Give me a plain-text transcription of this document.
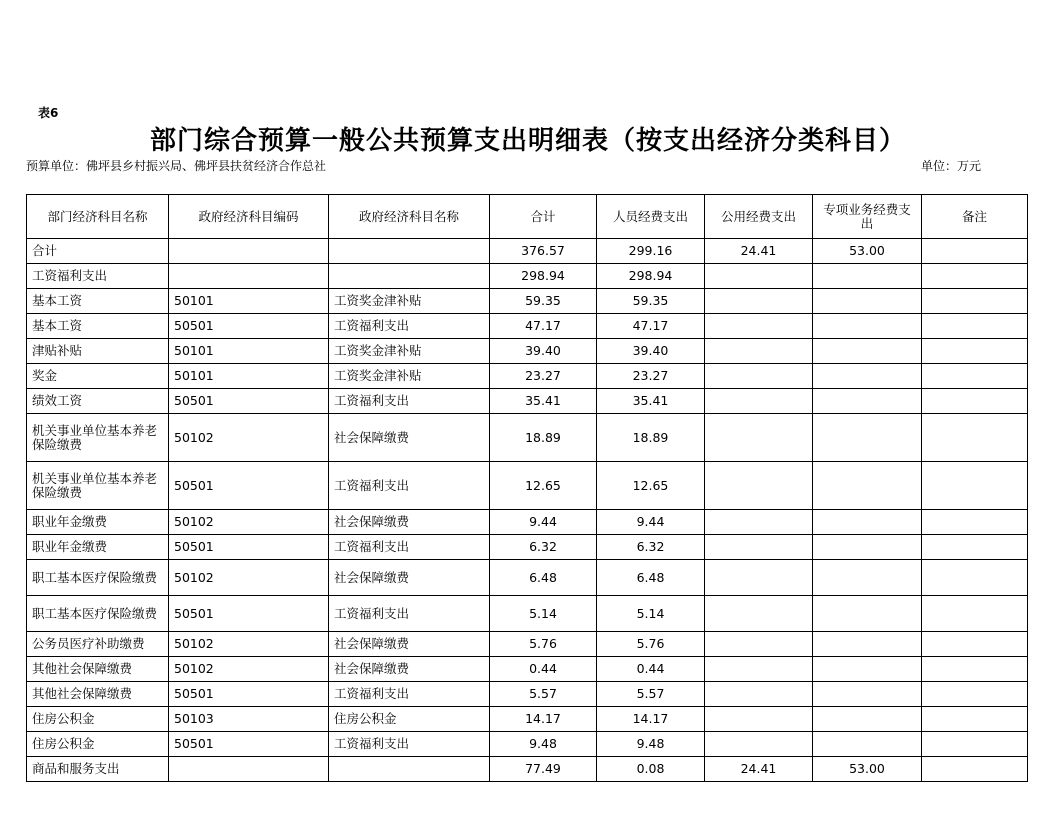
表6
部门综合预算一般公共预算支出明细表（按支出经济分类科目）
预算单位：佛坪县乡村振兴局、佛坪县扶贫经济合作总社	单位：万元
部门经济科目名称	政府经济科目编码	政府经济科目名称	合计	人员经费支出	公用经费支出	专项业务经费支出	备注
合计			376.57	299.16	24.41	53.00	
工资福利支出			298.94	298.94			
基本工资	50101	工资奖金津补贴	59.35	59.35			
基本工资	50501	工资福利支出	47.17	47.17			
津贴补贴	50101	工资奖金津补贴	39.40	39.40			
奖金	50101	工资奖金津补贴	23.27	23.27			
绩效工资	50501	工资福利支出	35.41	35.41			
机关事业单位基本养老保险缴费	50102	社会保障缴费	18.89	18.89			
机关事业单位基本养老保险缴费	50501	工资福利支出	12.65	12.65			
职业年金缴费	50102	社会保障缴费	9.44	9.44			
职业年金缴费	50501	工资福利支出	6.32	6.32			
职工基本医疗保险缴费	50102	社会保障缴费	6.48	6.48			
职工基本医疗保险缴费	50501	工资福利支出	5.14	5.14			
公务员医疗补助缴费	50102	社会保障缴费	5.76	5.76			
其他社会保障缴费	50102	社会保障缴费	0.44	0.44			
其他社会保障缴费	50501	工资福利支出	5.57	5.57			
住房公积金	50103	住房公积金	14.17	14.17			
住房公积金	50501	工资福利支出	9.48	9.48			
商品和服务支出			77.49	0.08	24.41	53.00	
